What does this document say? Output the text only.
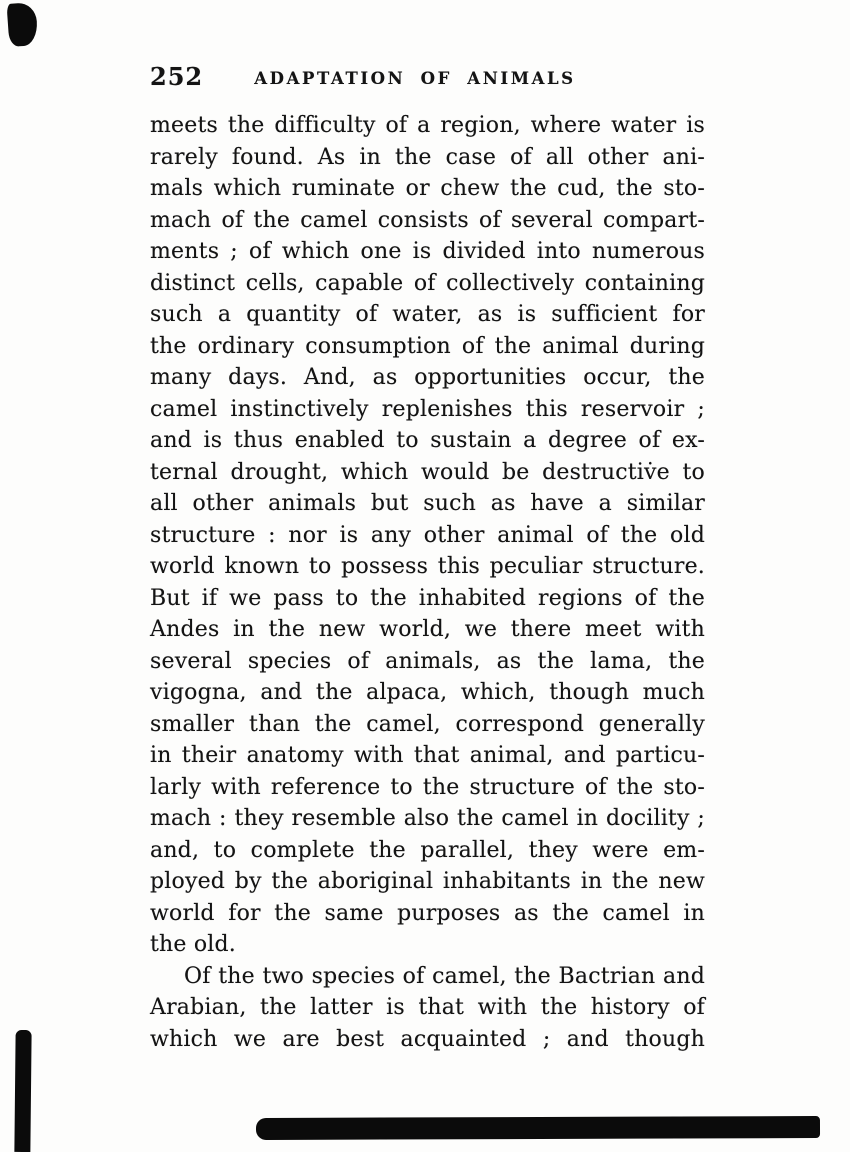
252	ADAPTATION OF ANIMALS
meets the difficulty of a region, where water is
rarely found. As in the case of all other ani-
mals which ruminate or chew the cud, the sto-
mach of the camel consists of several compart-
ments ; of which one is divided into numerous
distinct cells, capable of collectively containing
such a quantity of water, as is sufficient for
the ordinary consumption of the animal during
many days. And, as opportunities occur, the
camel instinctively replenishes this reservoir ;
and is thus enabled to sustain a degree of ex-
ternal drought, which would be destructiv̇e to
all other animals but such as have a similar
structure : nor is any other animal of the old
world known to possess this peculiar structure.
But if we pass to the inhabited regions of the
Andes in the new world, we there meet with
several species of animals, as the lama, the
vigogna, and the alpaca, which, though much
smaller than the camel, correspond generally
in their anatomy with that animal, and particu-
larly with reference to the structure of the sto-
mach : they resemble also the camel in docility ;
and, to complete the parallel, they were em-
ployed by the aboriginal inhabitants in the new
world for the same purposes as the camel in
the old.
Of the two species of camel, the Bactrian and
Arabian, the latter is that with the history of
which we are best acquainted ; and though
